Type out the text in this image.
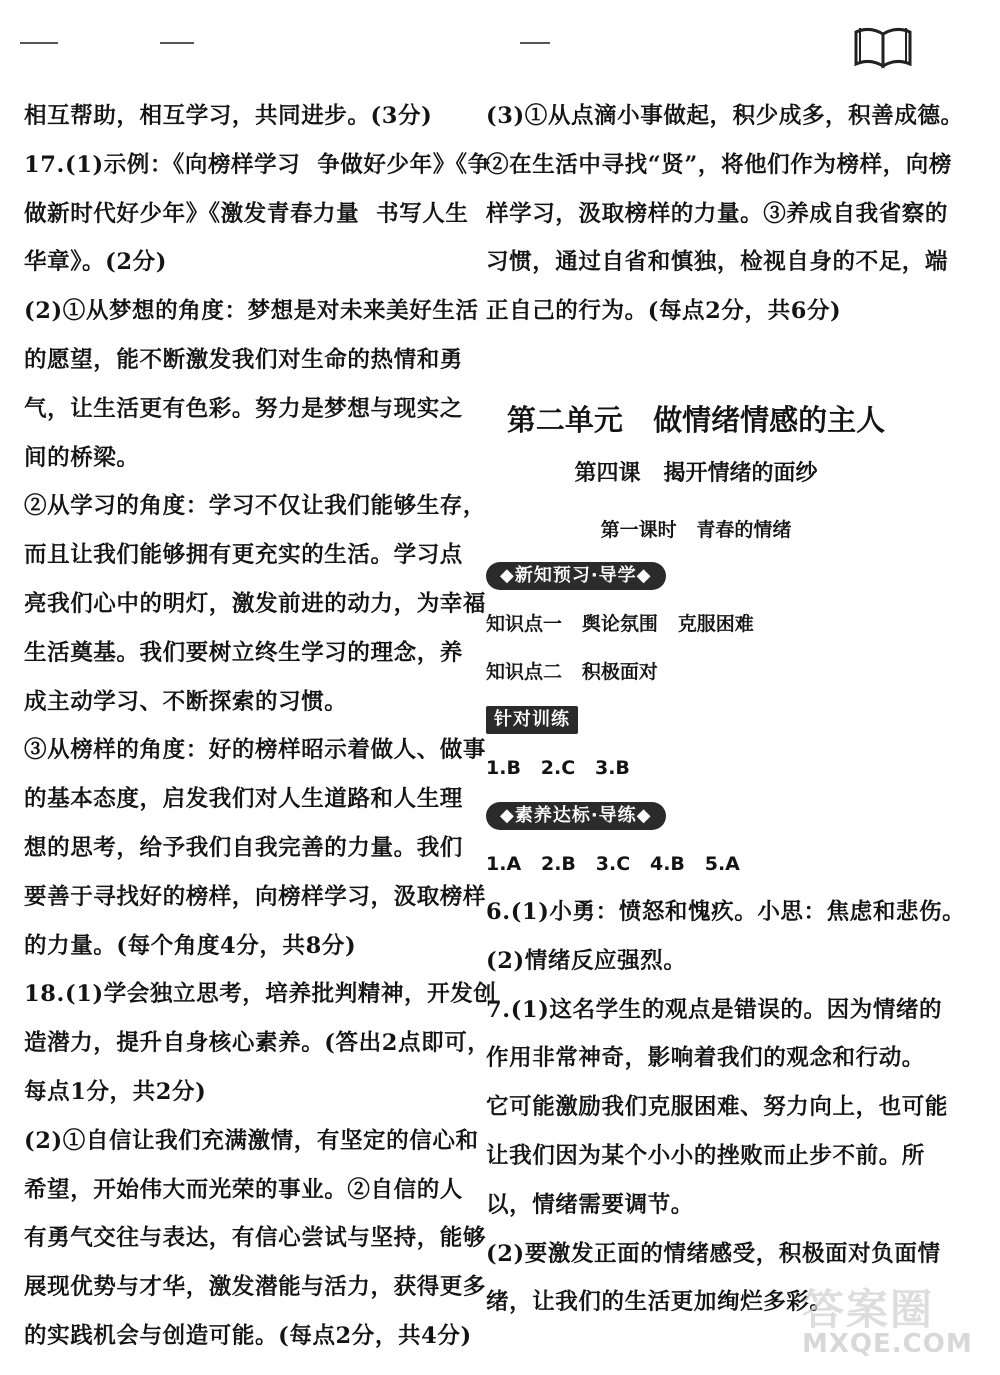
相互帮助，相互学习，共同进步。(3分)

17.(1)示例：《向榜样学习  争做好少年》《争

做新时代好少年》《激发青春力量  书写人生

华章》。(2分)

(2)①从梦想的角度：梦想是对未来美好生活

的愿望，能不断激发我们对生命的热情和勇

气，让生活更有色彩。努力是梦想与现实之

间的桥梁。

②从学习的角度：学习不仅让我们能够生存，

而且让我们能够拥有更充实的生活。学习点

亮我们心中的明灯，激发前进的动力，为幸福

生活奠基。我们要树立终生学习的理念，养

成主动学习、不断探索的习惯。

③从榜样的角度：好的榜样昭示着做人、做事

的基本态度，启发我们对人生道路和人生理

想的思考，给予我们自我完善的力量。我们

要善于寻找好的榜样，向榜样学习，汲取榜样

的力量。(每个角度4分，共8分)

18.(1)学会独立思考，培养批判精神，开发创

造潜力，提升自身核心素养。(答出2点即可，

每点1分，共2分)

(2)①自信让我们充满激情，有坚定的信心和

希望，开始伟大而光荣的事业。②自信的人

有勇气交往与表达，有信心尝试与坚持，能够

展现优势与才华，激发潜能与活力，获得更多

的实践机会与创造可能。(每点2分，共4分)

(3)①从点滴小事做起，积少成多，积善成德。

②在生活中寻找“贤”，将他们作为榜样，向榜

样学习，汲取榜样的力量。③养成自我省察的

习惯，通过自省和慎独，检视自身的不足，端

正自己的行为。(每点2分，共6分)

第二单元   做情绪情感的主人
第四课   揭开情绪的面纱
第一课时   青春的情绪
◆新知预习·导学◆

知识点一   舆论氛围   克服困难

知识点二   积极面对

针对训练

1.B   2.C   3.B

◆素养达标·导练◆

1.A   2.B   3.C   4.B   5.A

6.(1)小勇：愤怒和愧疚。小思：焦虑和悲伤。

(2)情绪反应强烈。

7.(1)这名学生的观点是错误的。因为情绪的

作用非常神奇，影响着我们的观念和行动。

它可能激励我们克服困难、努力向上，也可能

让我们因为某个小小的挫败而止步不前。所

以，情绪需要调节。

(2)要激发正面的情绪感受，积极面对负面情

绪，让我们的生活更加绚烂多彩。

答案圈
MXQE.COM
